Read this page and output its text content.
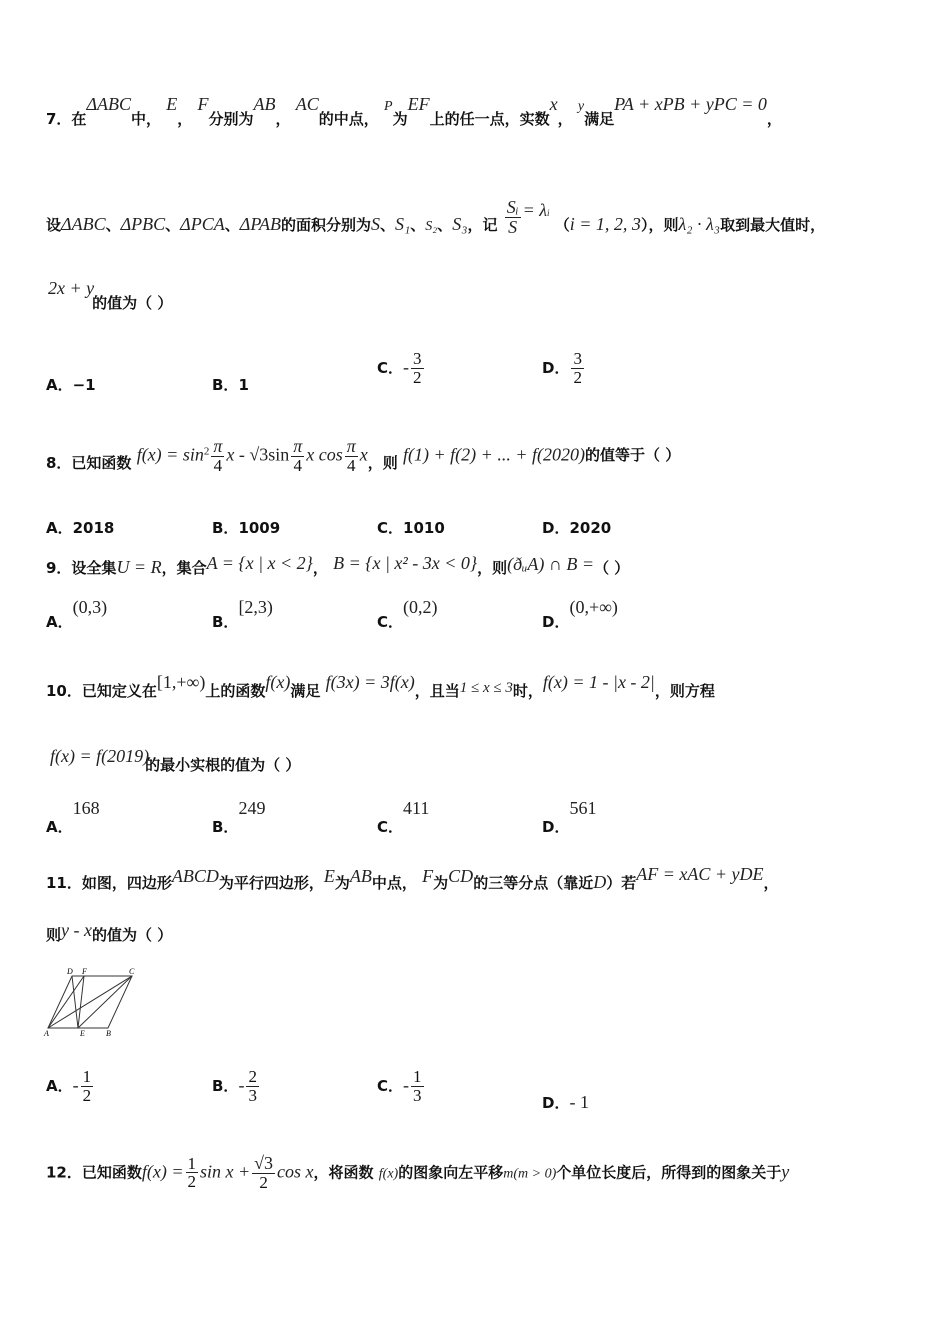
7．在ΔABC中， E， F分别为AB， AC的中点， P为EF上的任一点，实数x， y满足PA + xPB + yPC = 0，
设ΔABC、ΔPBC、ΔPCA、ΔPAB的面积分别为S、S₁、S₂、S₃，记 $\frac{\text{Sᵢ}}{S} = \lambda^i$ （i = 1, 2, 3），则λ₂ · λ₃取到最大值时，
2x + y的值为（ ）
A．−1	B．1
C．- $\frac{3}{2}$	D． $\frac{3}{2}$
8．已知函数 $f(x) = \sin^2 \frac{\pi}{4}$ x - $√3\sin \frac{\pi}{4}$ x $\cos \frac{\pi}{4}$ x，则 f(1) + f(2) + ... + f(2020)的值等于（ ）
A．2018	B．1009	C．1010	D．2020
9．设全集U = R，集合A = {x | x < 2}， B = {x | x² - 3x < 0}，则(ðᵤA) ∩ B =（ ）
A．(0,3)
B．[2,3)
C．(0,2)
D．(0,+∞)
10．已知定义在[1,+∞)上的函数f(x)满足 f(3x) = 3f(x)，且当1 ≤ x ≤ 3时，f(x) = 1 - |x - 2|，则方程
f(x) = f(2019)的最小实根的值为（ ）
A．168
B．249
C．411
D．561
11．如图，四边形ABCD为平行四边形，E为AB中点， F为CD的三等分点（靠近D）若AF = xAC + yDE，
则y - x的值为（ ）
D F	C
A	E	B
A．- $\frac{1}{2}$	B．- $\frac{2}{3}$	C．- $\frac{1}{3}$	D．- 1
12．已知函数$f(x) = \frac{1}{2}$ $\sin x + \frac{√3}{2}$ cos x，将函数 f(x)的图象向左平移m(m > 0)个单位长度后，所得到的图象关于y
